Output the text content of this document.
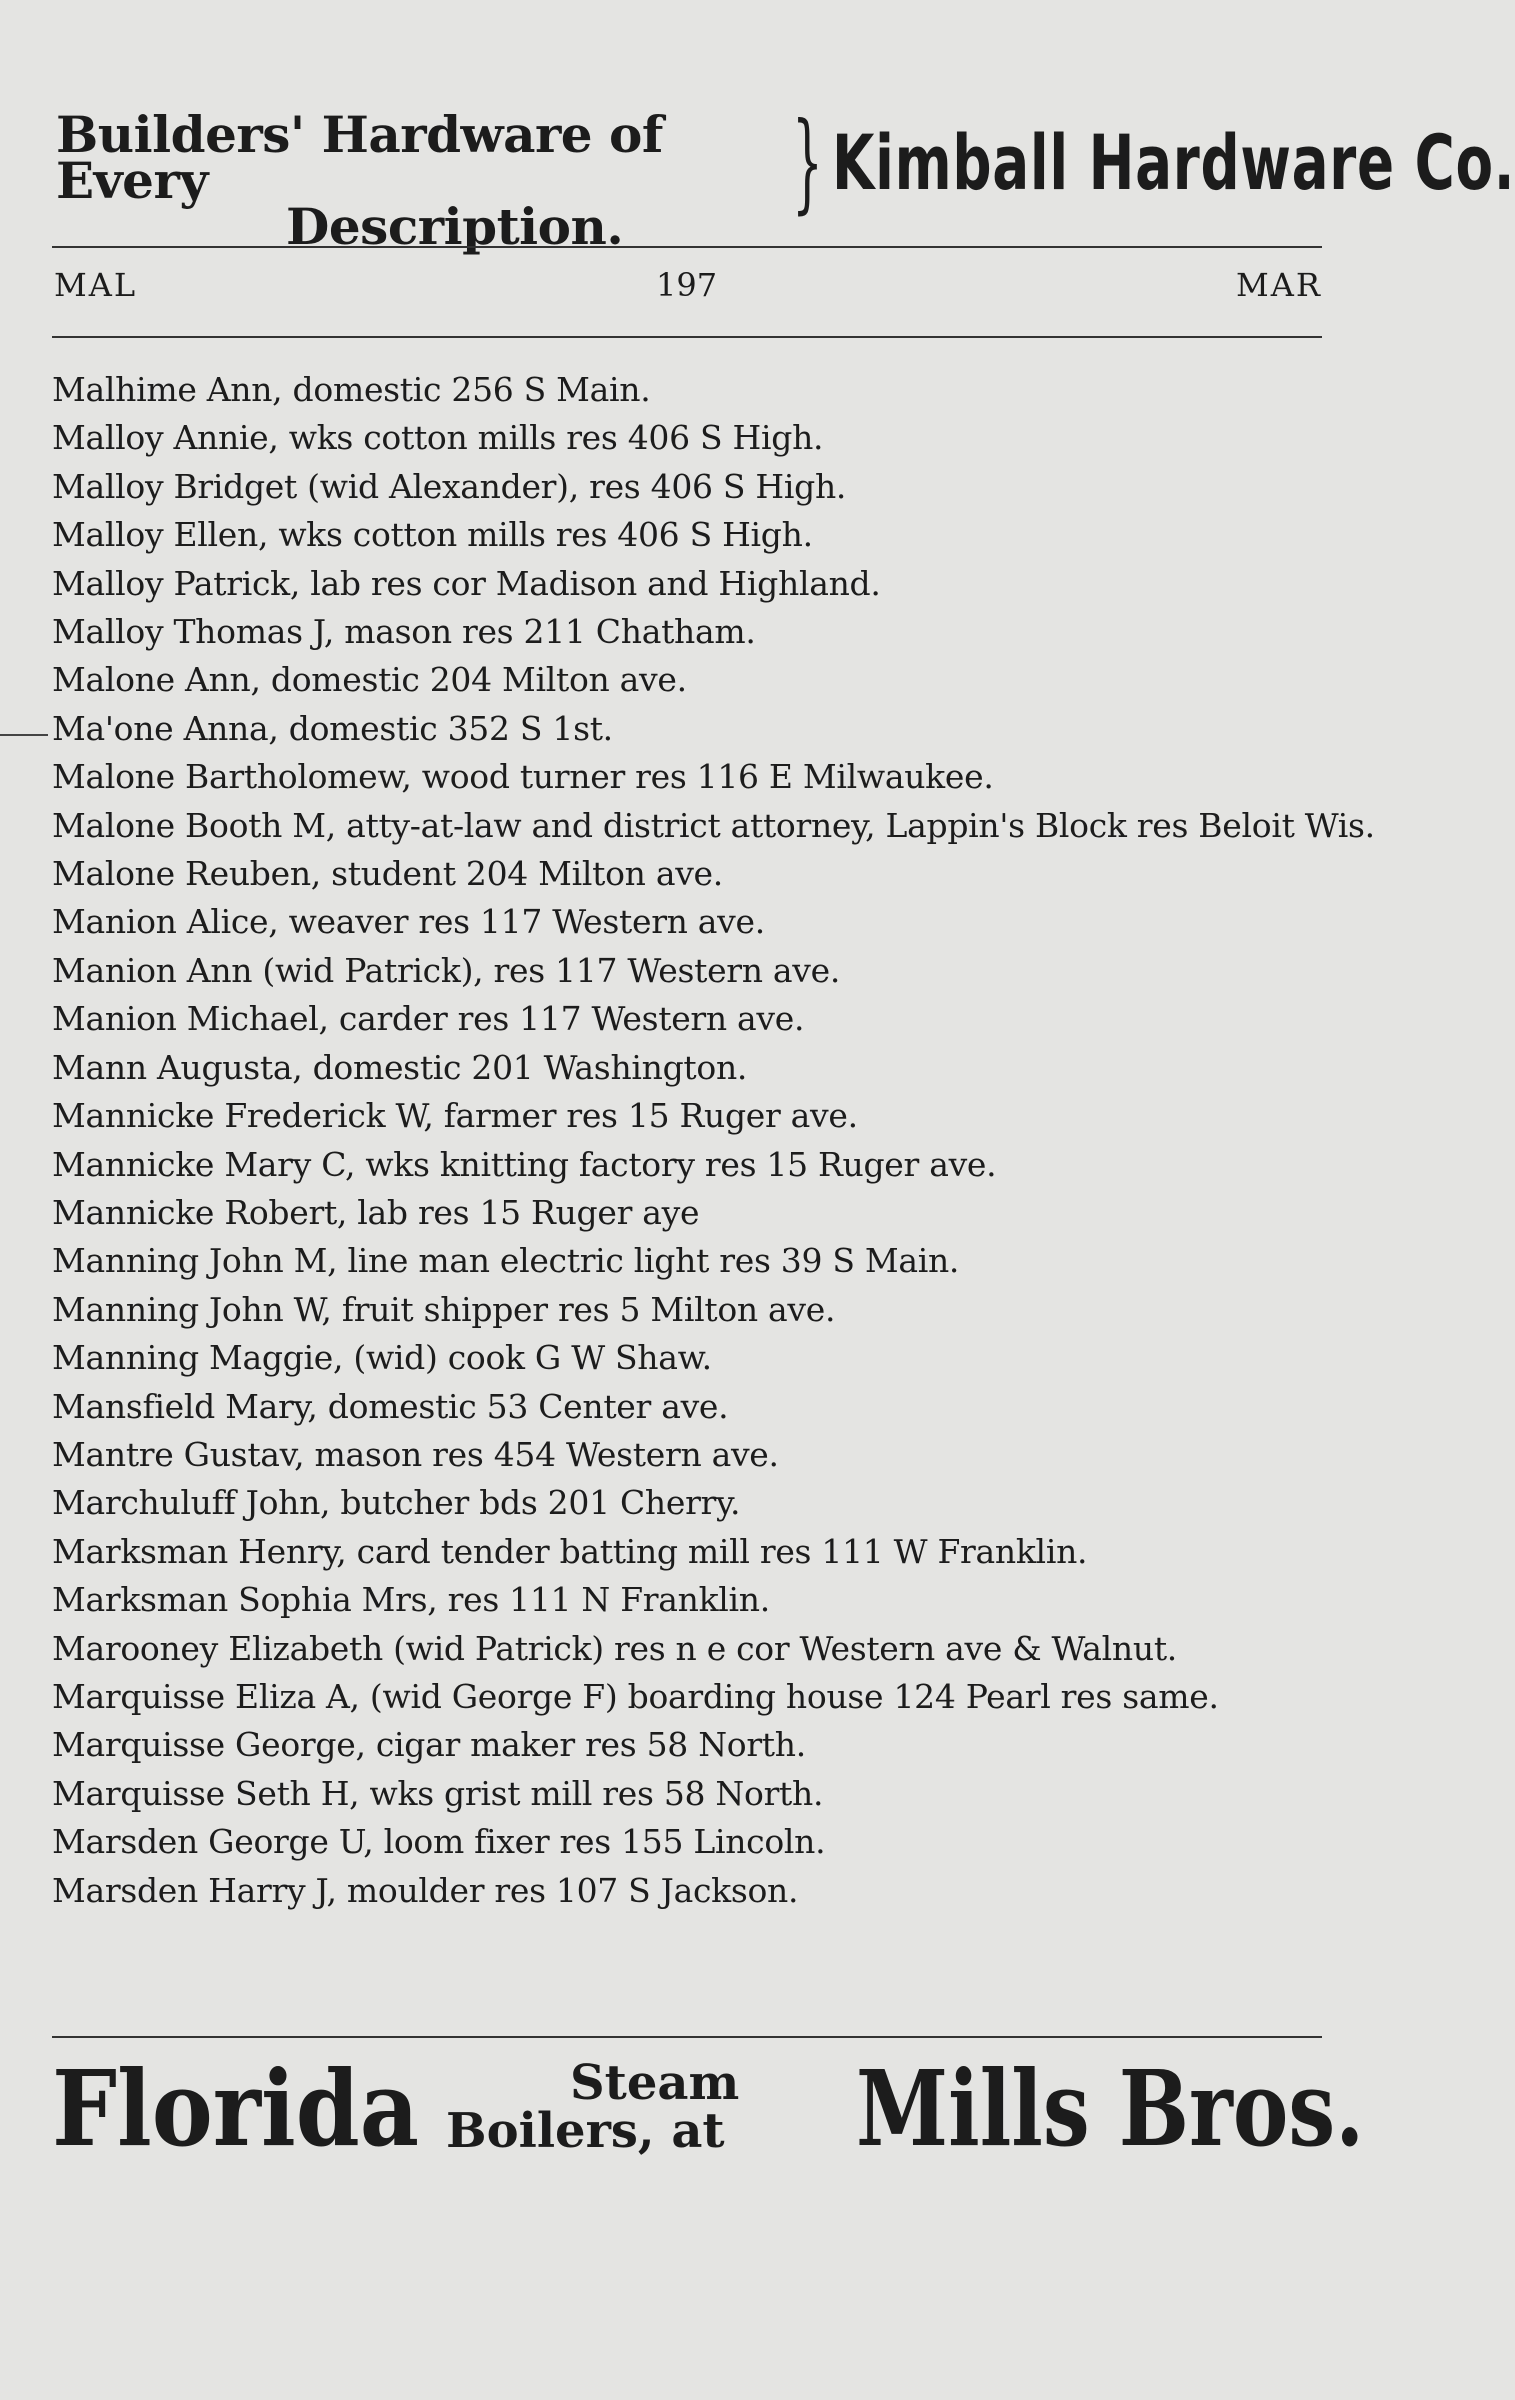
Builders' Hardware of Every
Description.
} Kimball Hardware Co.
MAL	197	MAR
Malhime Ann, domestic 256 S Main.
Malloy Annie, wks cotton mills res 406 S High.
Malloy Bridget (wid Alexander), res 406 S High.
Malloy Ellen, wks cotton mills res 406 S High.
Malloy Patrick, lab res cor Madison and Highland.
Malloy Thomas J, mason res 211 Chatham.
Malone Ann, domestic 204 Milton ave.
Ma'one Anna, domestic 352 S 1st.
Malone Bartholomew, wood turner res 116 E Milwaukee.
Malone Booth M, atty-at-law and district attorney, Lappin's Block res Beloit Wis.
Malone Reuben, student 204 Milton ave.
Manion Alice, weaver res 117 Western ave.
Manion Ann (wid Patrick), res 117 Western ave.
Manion Michael, carder res 117 Western ave.
Mann Augusta, domestic 201 Washington.
Mannicke Frederick W, farmer res 15 Ruger ave.
Mannicke Mary C, wks knitting factory res 15 Ruger ave.
Mannicke Robert, lab res 15 Ruger aye
Manning John M, line man electric light res 39 S Main.
Manning John W, fruit shipper res 5 Milton ave.
Manning Maggie, (wid) cook G W Shaw.
Mansfield Mary, domestic 53 Center ave.
Mantre Gustav, mason res 454 Western ave.
Marchuluff John, butcher bds 201 Cherry.
Marksman Henry, card tender batting mill res 111 W Franklin.
Marksman Sophia Mrs, res 111 N Franklin.
Marooney Elizabeth (wid Patrick) res n e cor Western ave & Walnut.
Marquisse Eliza A, (wid George F) boarding house 124 Pearl res same.
Marquisse George, cigar maker res 58 North.
Marquisse Seth H, wks grist mill res 58 North.
Marsden George U, loom fixer res 155 Lincoln.
Marsden Harry J, moulder res 107 S Jackson.
Florida	Steam
Boilers, at Mills Bros.
